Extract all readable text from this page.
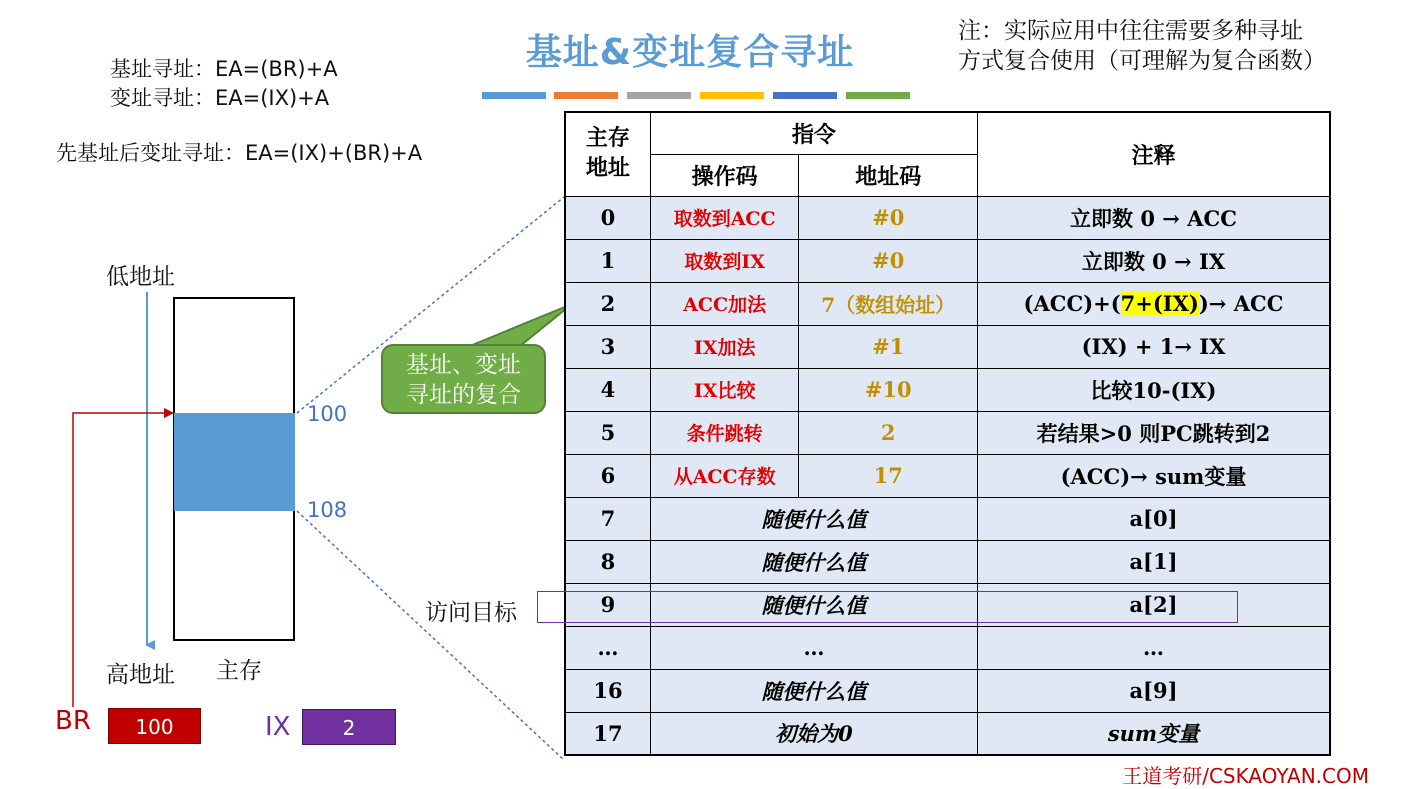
基址&变址复合寻址
注：实际应用中往往需要多种寻址
方式复合使用（可理解为复合函数）
基址寻址：EA=(BR)+A
变址寻址：EA=(IX)+A
先基址后变址寻址：EA=(IX)+(BR)+A
低地址
100
108
高地址 主存
BR	100	IX	2
基址、变址
寻址的复合
访问目标
主存地址	指令		注释
	操作码	地址码	
0	取数到ACC	#0	立即数 0 → ACC
1	取数到IX	#0	立即数 0 → IX
2	ACC加法	7（数组始址）	(ACC)+(7+(IX))→ ACC
3	IX加法	#1	(IX) + 1→ IX
4	IX比较	#10	比较10-(IX)
5	条件跳转	2	若结果>0 则PC跳转到2
6	从ACC存数	17	(ACC)→ sum变量
7	随便什么值		a[0]
8	随便什么值		a[1]
9	随便什么值		a[2]
…	…		…
16	随便什么值		a[9]
17	初始为0		sum变量
王道考研/CSKAOYAN.COM
